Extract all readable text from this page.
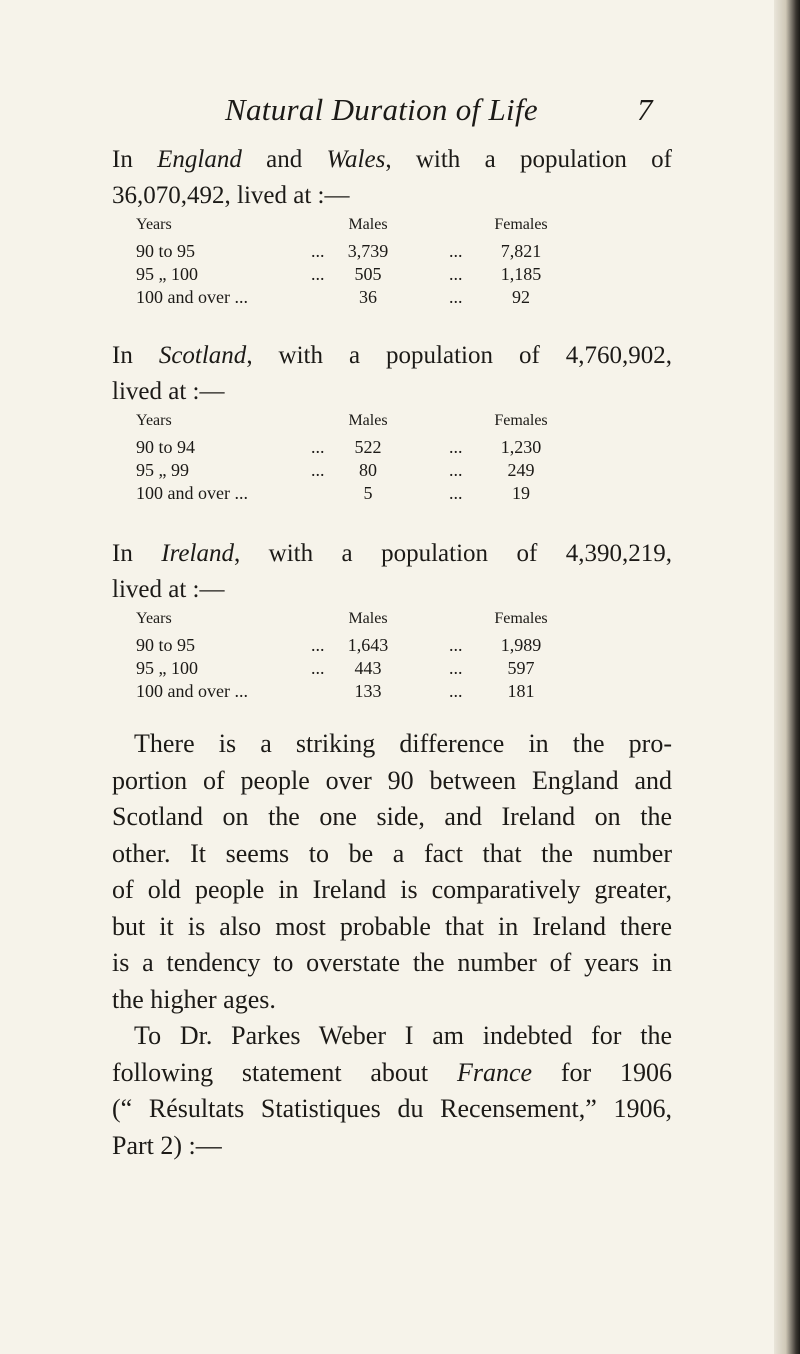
Natural Duration of Life	7
In England and Wales, with a population of
36,070,492, lived at :—
Years	Males	Females
90 to 95	... 3,739	... 7,821
95 „ 100	... 505	... 1,185
100 and over ...	36	...	92
In Scotland, with a population of 4,760,902,
lived at :—
Years	Males	Females
90 to 94	... 522	... 1,230
95 „ 99	... 80	...	249
100 and over ...	5	...	19
In Ireland, with a population of 4,390,219,
lived at :—
Years	Males	Females
90 to 95	... 1,643	... 1,989
95 „ 100	... 443	...	597
100 and over ...	133	...	181
There is a striking difference in the pro-
portion of people over 90 between England and
Scotland on the one side, and Ireland on the
other. It seems to be a fact that the number
of old people in Ireland is comparatively greater,
but it is also most probable that in Ireland there
is a tendency to overstate the number of years in
the higher ages.
To Dr. Parkes Weber I am indebted for the
following statement about France for 1906
(“ Résultats Statistiques du Recensement,” 1906,
Part 2) :—
